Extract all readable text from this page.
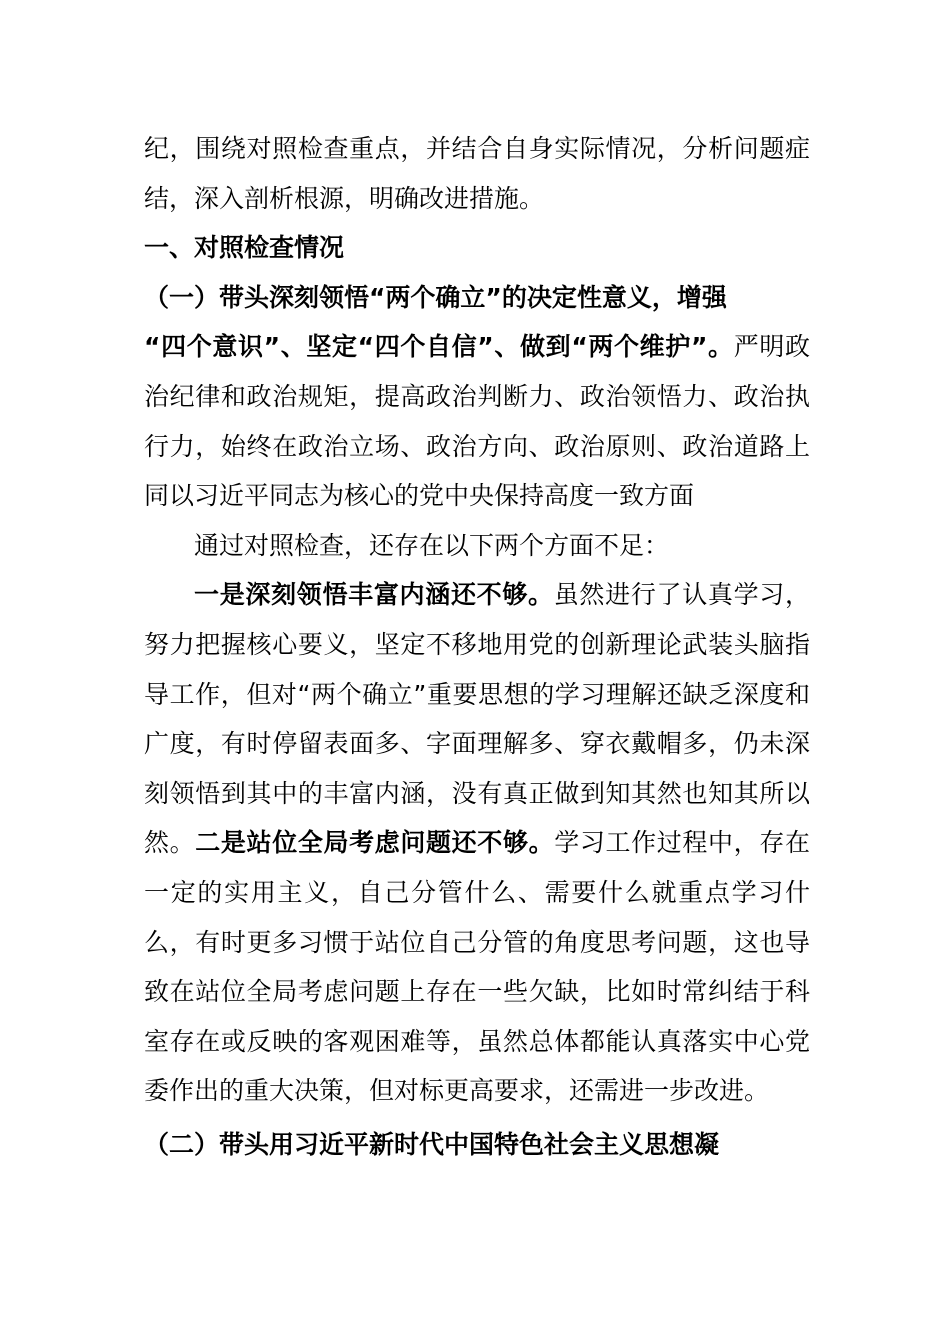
纪，围绕对照检查重点，并结合自身实际情况，分析问题症结，深入剖析根源，明确改进措施。

一、对照检查情况

（一）带头深刻领悟“两个确立”的决定性意义，增强

“四个意识”、坚定“四个自信”、做到“两个维护”。严明政治纪律和政治规矩，提高政治判断力、政治领悟力、政治执行力，始终在政治立场、政治方向、政治原则、政治道路上同以习近平同志为核心的党中央保持高度一致方面

通过对照检查，还存在以下两个方面不足：

一是深刻领悟丰富内涵还不够。虽然进行了认真学习，努力把握核心要义，坚定不移地用党的创新理论武装头脑指导工作，但对“两个确立”重要思想的学习理解还缺乏深度和广度，有时停留表面多、字面理解多、穿衣戴帽多，仍未深刻领悟到其中的丰富内涵，没有真正做到知其然也知其所以然。二是站位全局考虑问题还不够。学习工作过程中，存在一定的实用主义，自己分管什么、需要什么就重点学习什么，有时更多习惯于站位自己分管的角度思考问题，这也导致在站位全局考虑问题上存在一些欠缺，比如时常纠结于科室存在或反映的客观困难等，虽然总体都能认真落实中心党委作出的重大决策，但对标更高要求，还需进一步改进。

（二）带头用习近平新时代中国特色社会主义思想凝
